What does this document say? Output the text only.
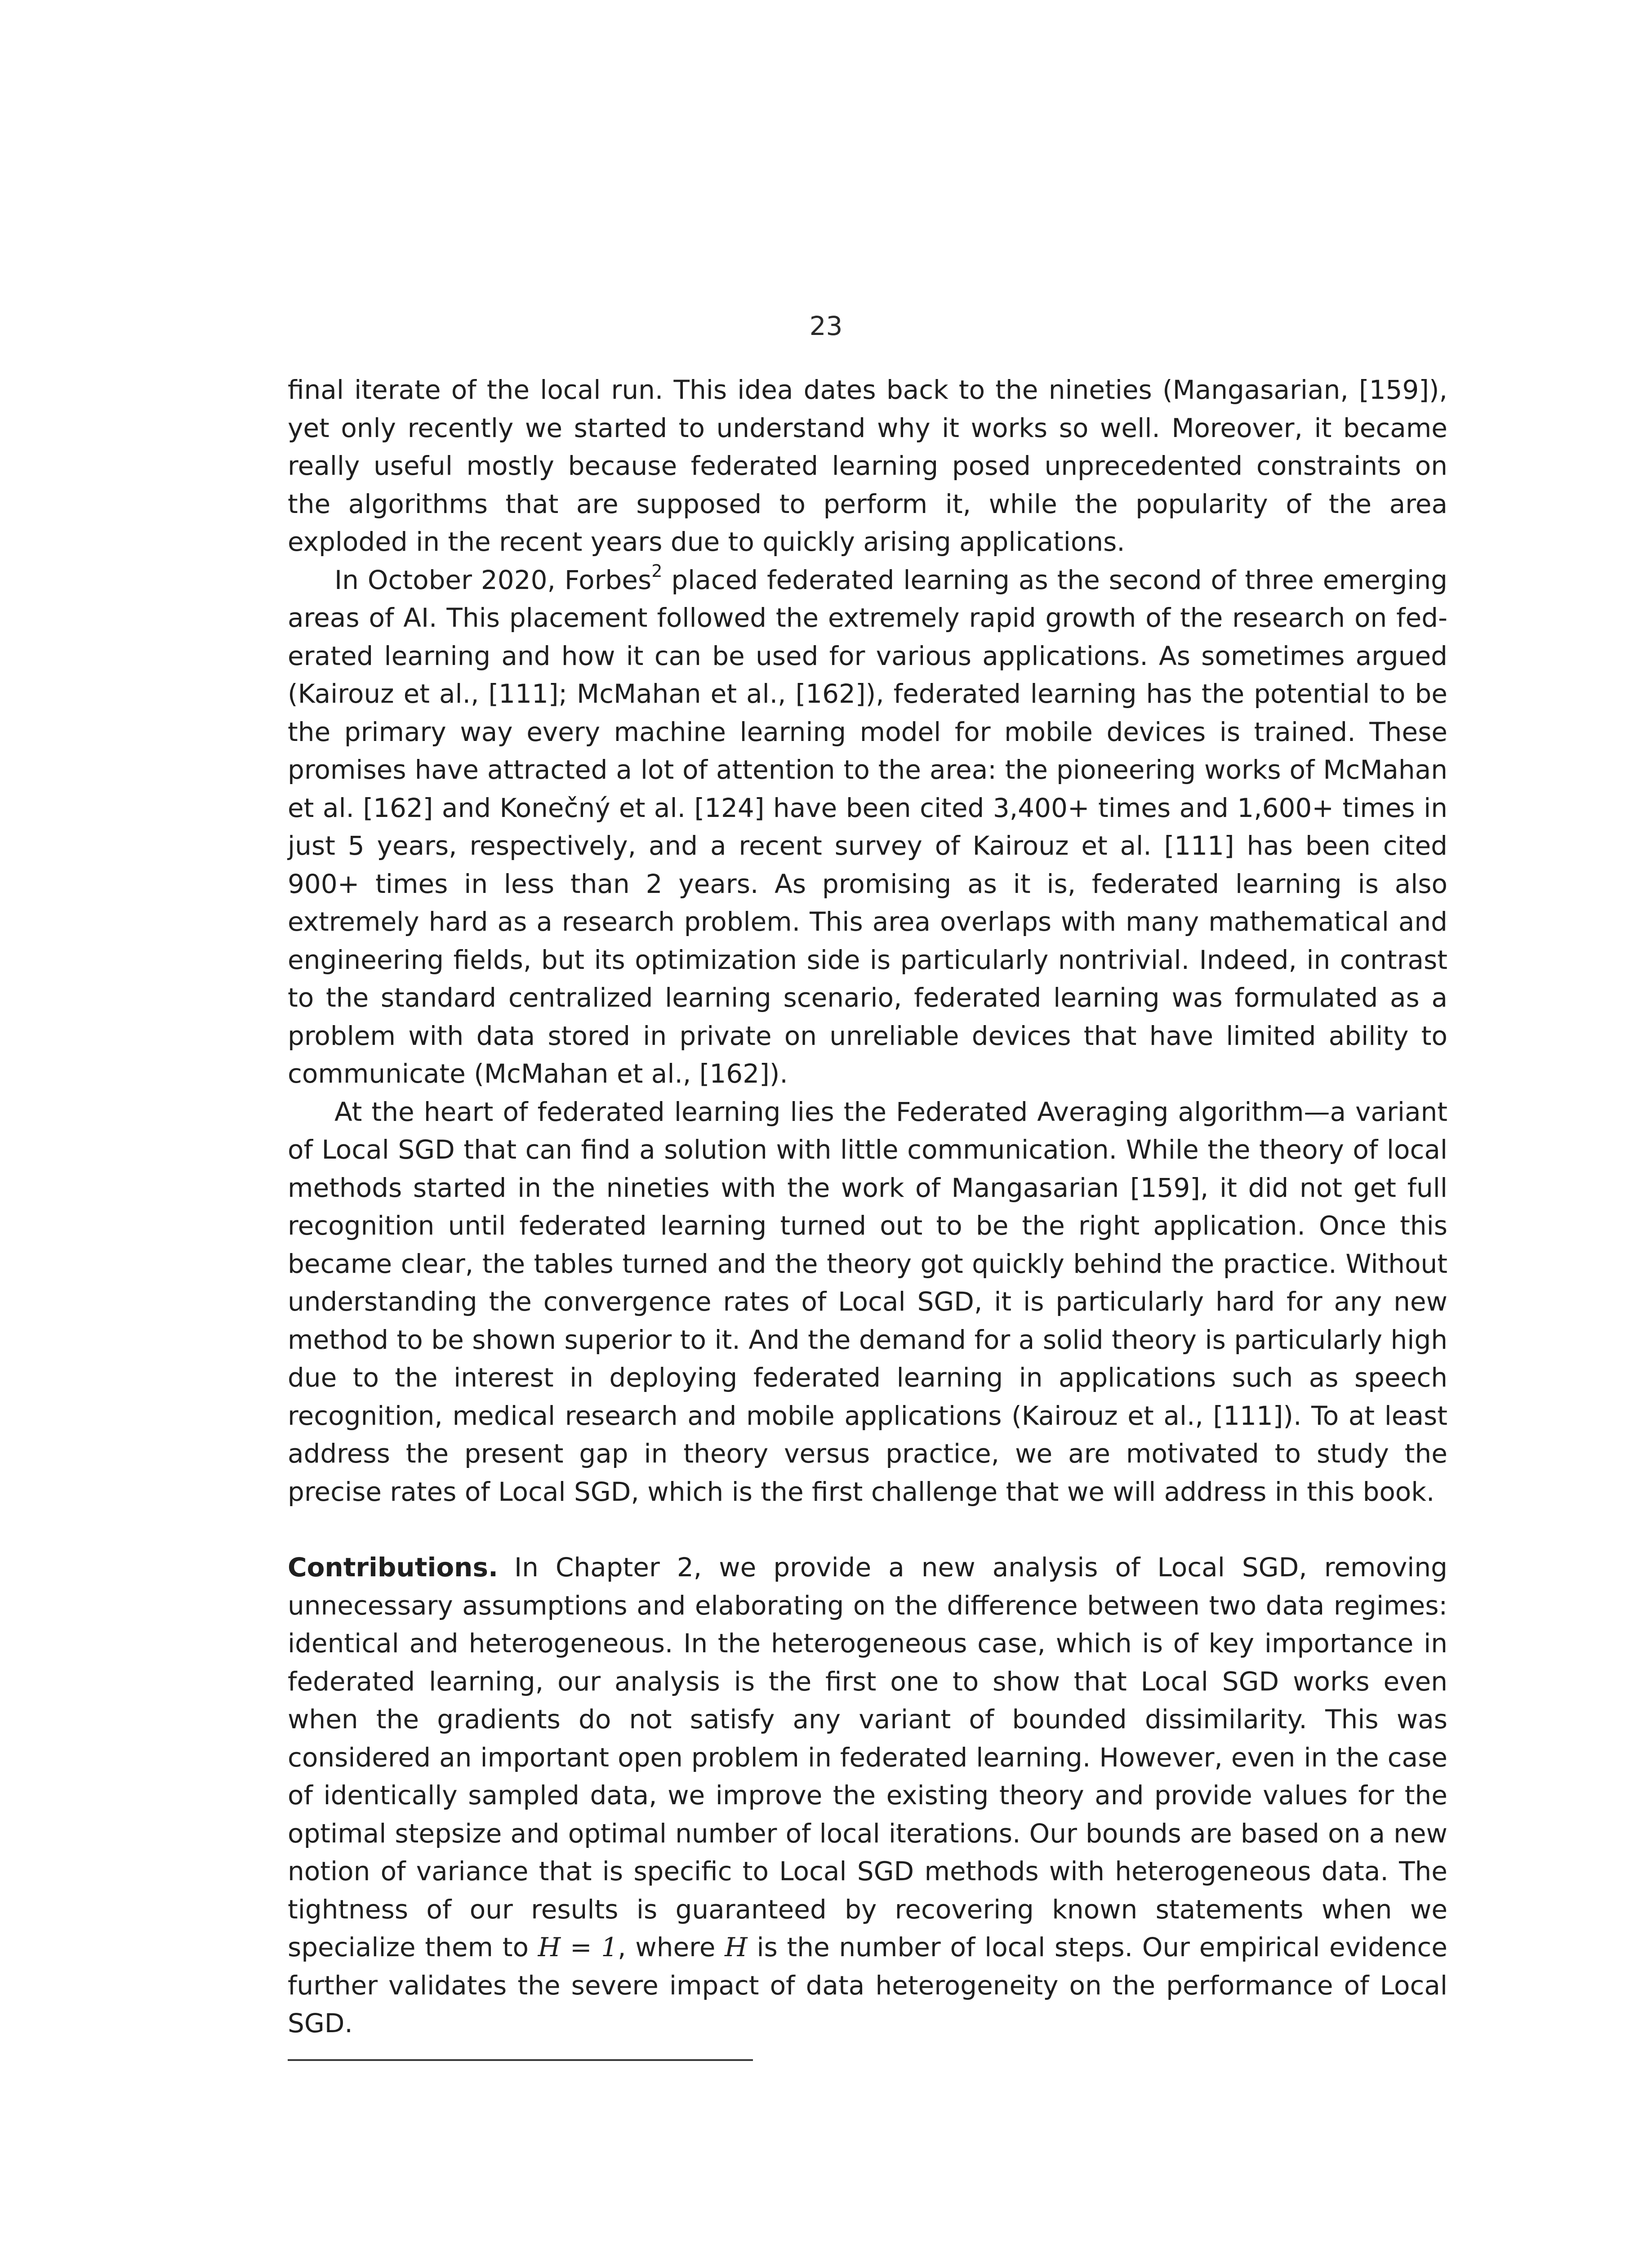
23

final iterate of the local run. This idea dates back to the nineties (Mangasarian, [159]), yet only recently we started to understand why it works so well. Moreover, it became really useful mostly because federated learning posed unprecedented constraints on the algorithms that are supposed to perform it, while the popularity of the area exploded in the recent years due to quickly arising applications.

In October 2020, Forbes$^2$ placed federated learning as the second of three emerging areas of AI. This placement followed the extremely rapid growth of the research on federated learning and how it can be used for various applications. As sometimes argued (Kairouz et al., [111]; McMahan et al., [162]), federated learning has the potential to be the primary way every machine learning model for mobile devices is trained. These promises have attracted a lot of attention to the area: the pioneering works of McMahan et al. [162] and Konečný et al. [124] have been cited 3,400+ times and 1,600+ times in just 5 years, respectively, and a recent survey of Kairouz et al. [111] has been cited 900+ times in less than 2 years. As promising as it is, federated learning is also extremely hard as a research problem. This area overlaps with many mathematical and engineering fields, but its optimization side is particularly nontrivial. Indeed, in contrast to the standard centralized learning scenario, federated learning was formulated as a problem with data stored in private on unreliable devices that have limited ability to communicate (McMahan et al., [162]).

At the heart of federated learning lies the Federated Averaging algorithm—a variant of Local SGD that can find a solution with little communication. While the theory of local methods started in the nineties with the work of Mangasarian [159], it did not get full recognition until federated learning turned out to be the right application. Once this became clear, the tables turned and the theory got quickly behind the practice. Without understanding the convergence rates of Local SGD, it is particularly hard for any new method to be shown superior to it. And the demand for a solid theory is particularly high due to the interest in deploying federated learning in applications such as speech recognition, medical research and mobile applications (Kairouz et al., [111]). To at least address the present gap in theory versus practice, we are motivated to study the precise rates of Local SGD, which is the first challenge that we will address in this book.

Contributions. In Chapter 2, we provide a new analysis of Local SGD, removing unnecessary assumptions and elaborating on the difference between two data regimes: identical and heterogeneous. In the heterogeneous case, which is of key importance in federated learning, our analysis is the first one to show that Local SGD works even when the gradients do not satisfy any variant of bounded dissimilarity. This was considered an important open problem in federated learning. However, even in the case of identically sampled data, we improve the existing theory and provide values for the optimal stepsize and optimal number of local iterations. Our bounds are based on a new notion of variance that is specific to Local SGD methods with heterogeneous data. The tightness of our results is guaranteed by recovering known statements when we specialize them to H = 1, where H is the number of local steps. Our empirical evidence further validates the severe impact of data heterogeneity on the performance of Local SGD.
